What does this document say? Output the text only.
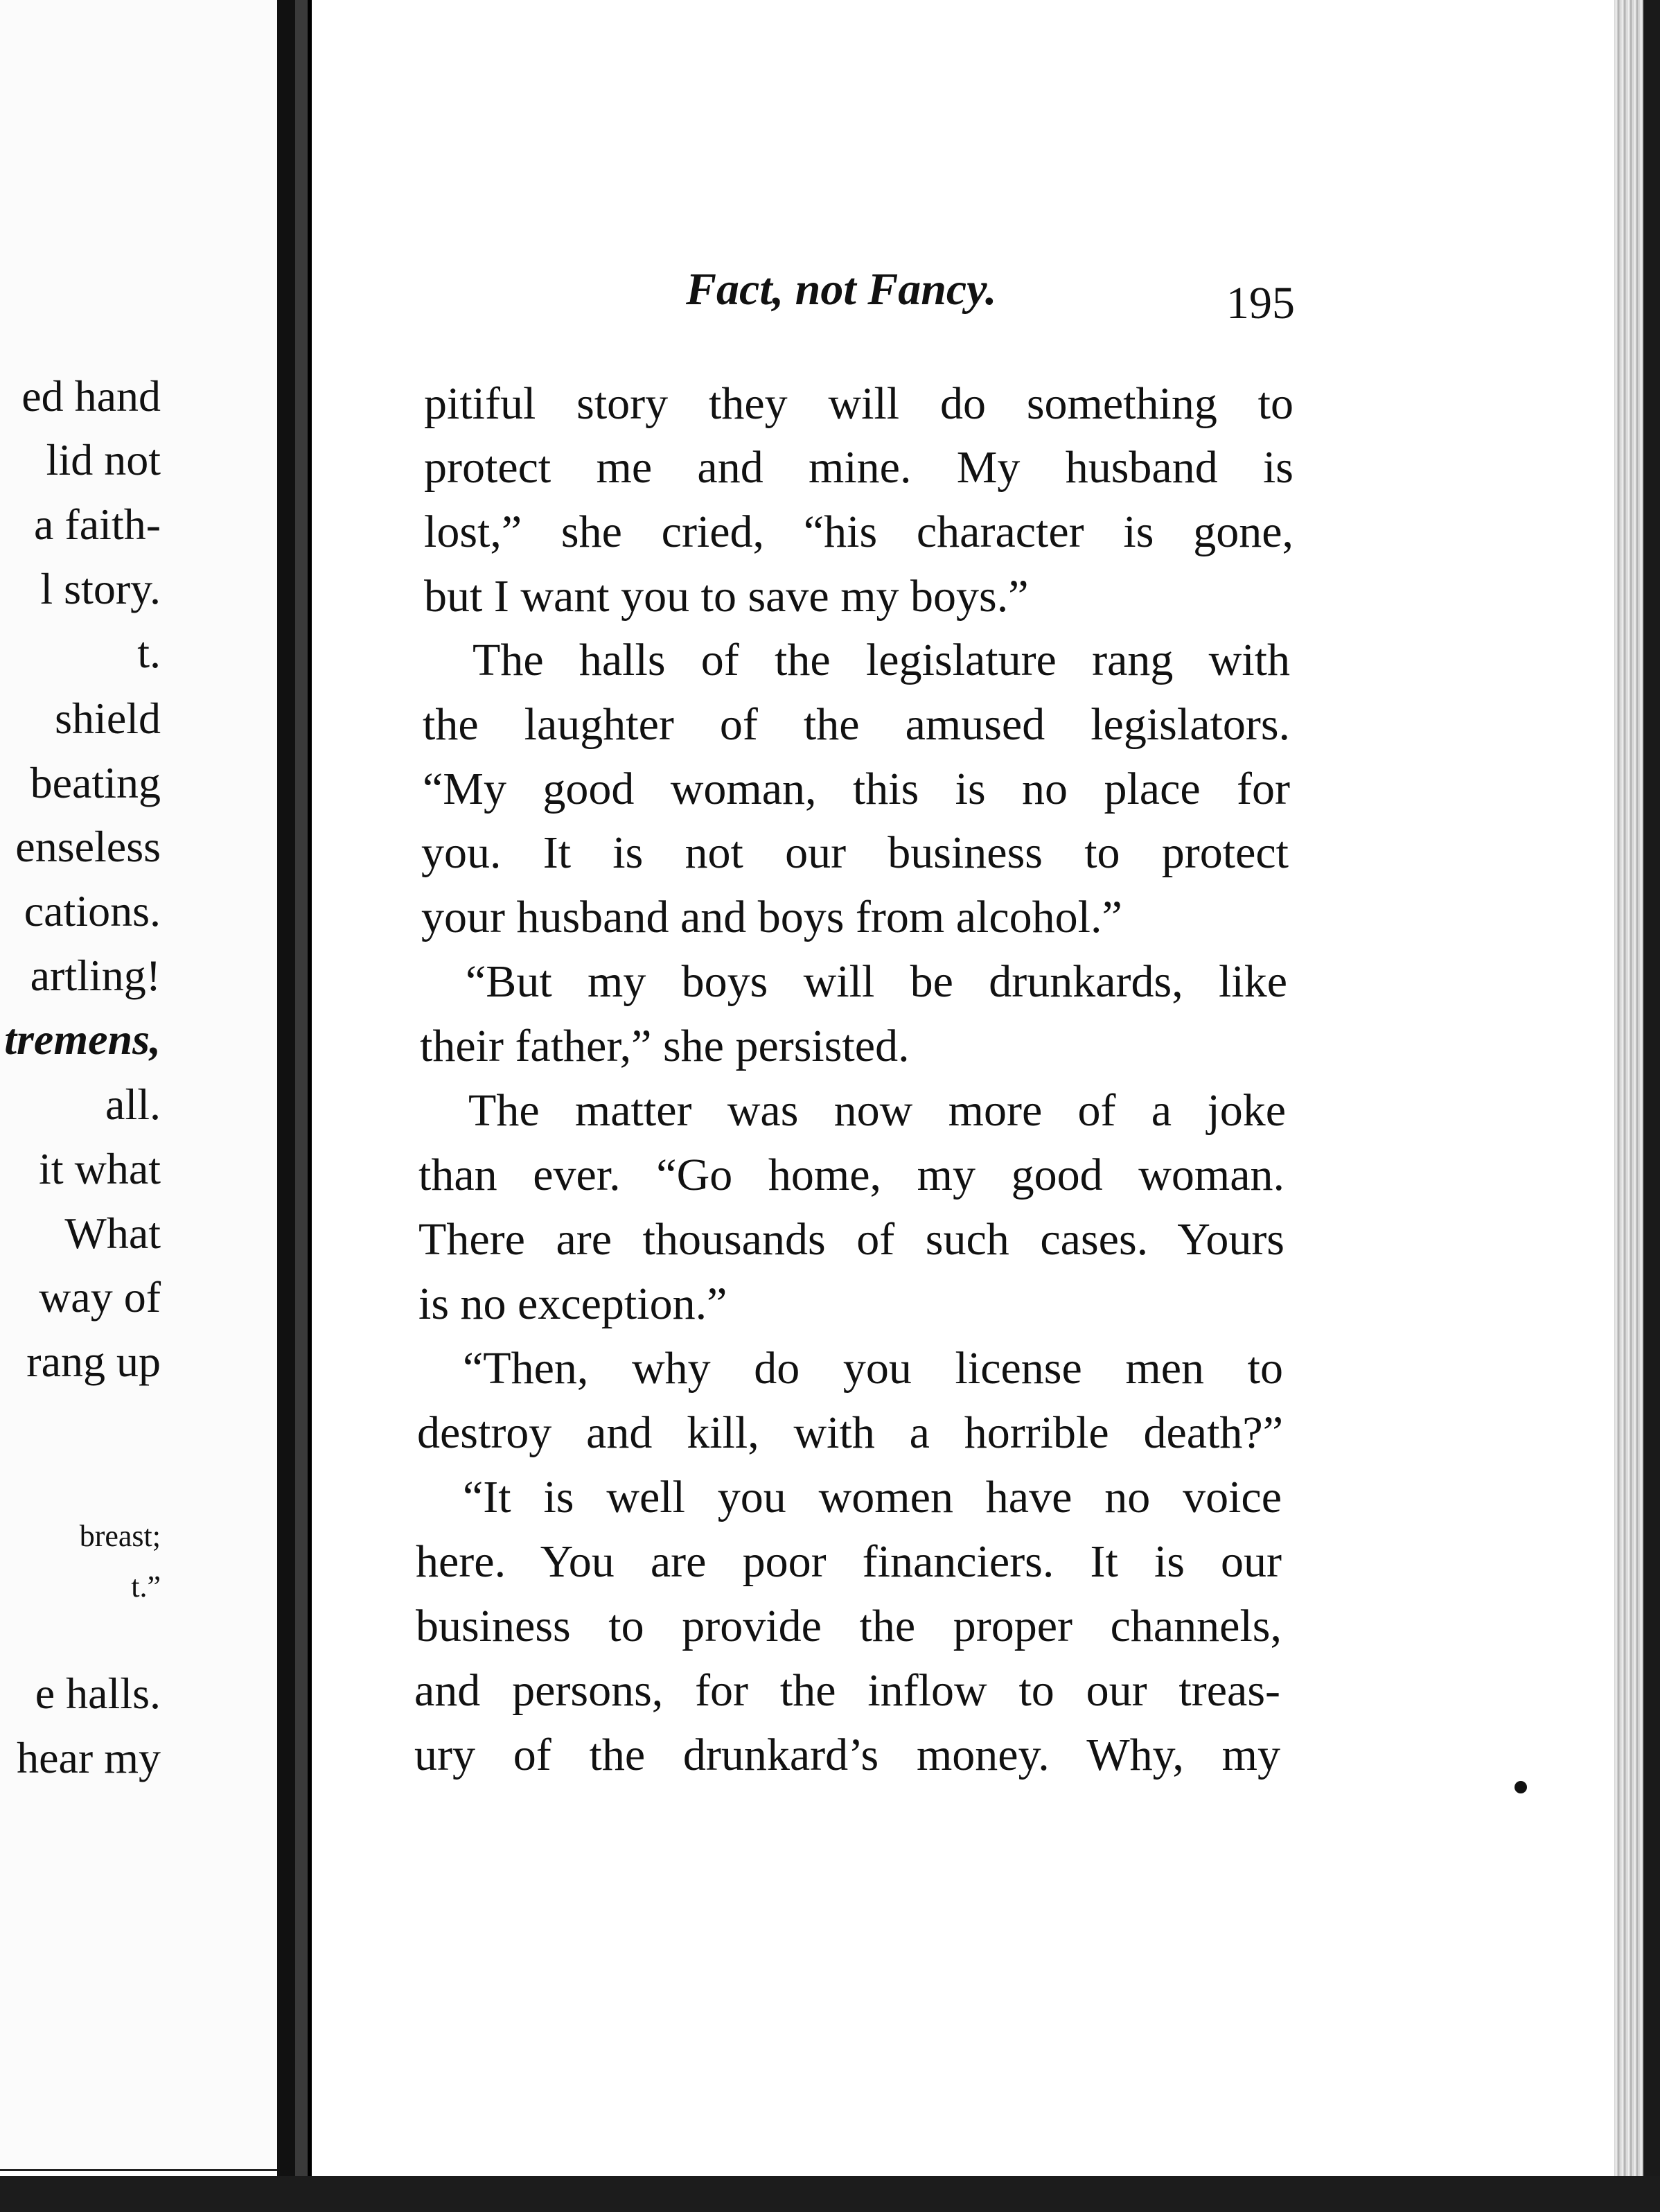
ed hand
lid not
a faith-
l story.
t.
shield
beating
enseless
cations.
artling!
tremens,
all.
it what
What
way of
rang up
breast;
t.”
e halls.
hear my
Fact, not Fancy.	195
pitiful story they will do something to
protect me and mine. My husband is
lost,” she cried, “his character is gone,
but I want you to save my boys.”
The halls of the legislature rang with
the laughter of the amused legislators.
“My good woman, this is no place for
you. It is not our business to protect
your husband and boys from alcohol.”
“But my boys will be drunkards, like
their father,” she persisted.
The matter was now more of a joke
than ever. “Go home, my good woman.
There are thousands of such cases. Yours
is no exception.”
“Then, why do you license men to
destroy and kill, with a horrible death?”
“It is well you women have no voice
here. You are poor financiers. It is our
business to provide the proper channels,
and persons, for the inflow to our treas-
ury of the drunkard’s money. Why, my
